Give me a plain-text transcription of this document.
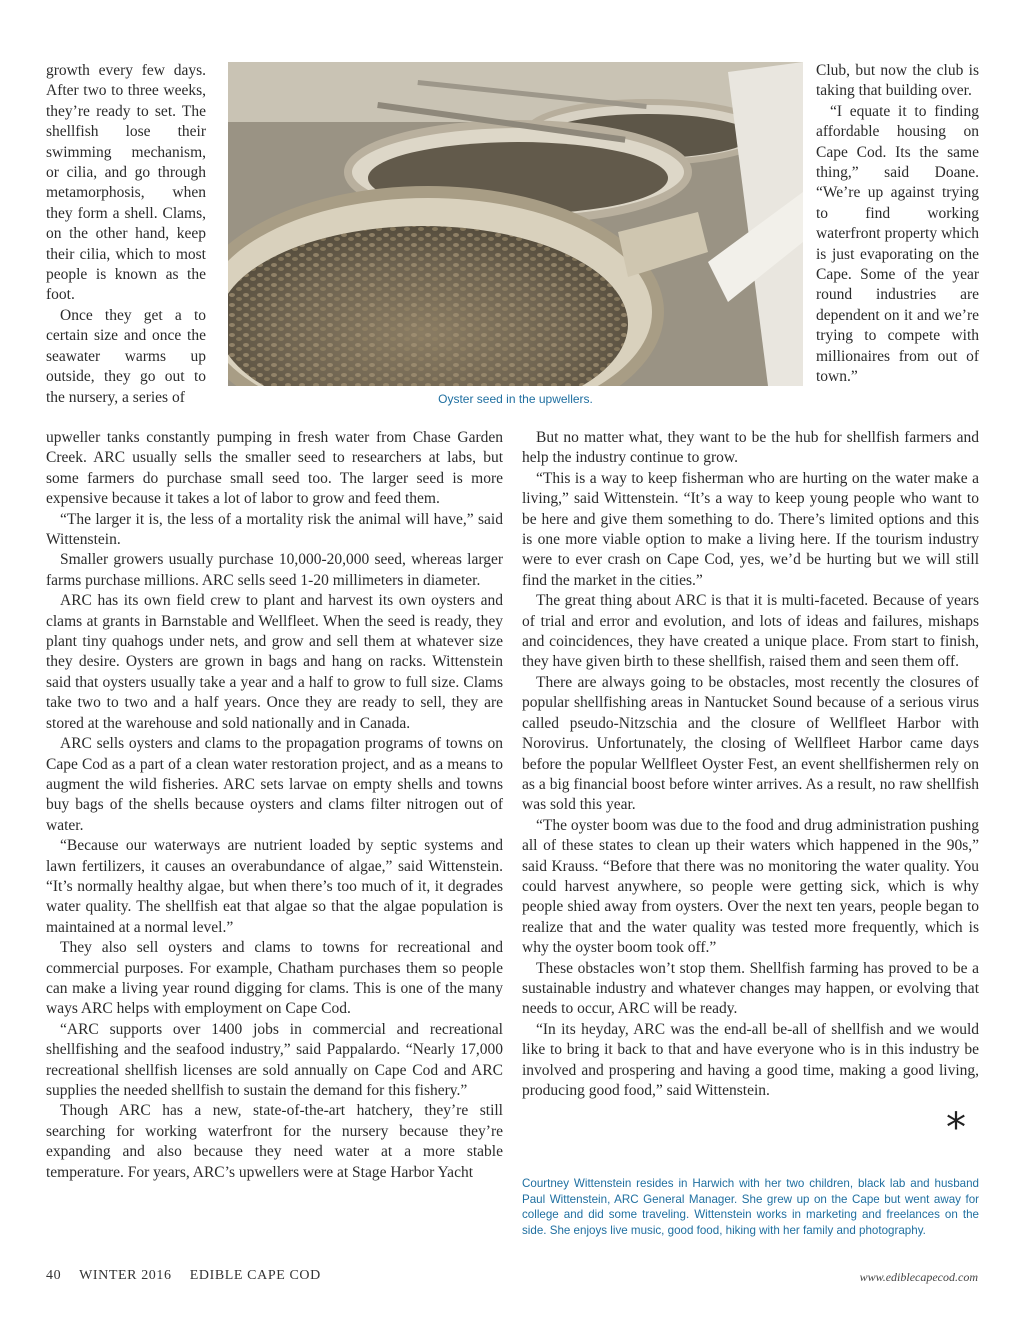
growth every few days. After two to three weeks, they’re ready to set. The shellfish lose their swimming mechanism, or cilia, and go through metamorphosis, when they form a shell. Clams, on the other hand, keep their cilia, which to most people is known as the foot.

Once they get a to certain size and once the seawater warms up outside, they go out to the nursery, a series of	Oyster seed in the upwellers.

Club, but now the club is taking that building over.

“I equate it to finding affordable housing on Cape Cod. Its the same thing,” said Doane. “We’re up against trying to find working waterfront property which is just evaporating on the Cape. Some of the year round industries are dependent on it and we’re trying to compete with millionaires from out of town.”

upweller tanks constantly pumping in fresh water from Chase Garden Creek. ARC usually sells the smaller seed to researchers at labs, but some farmers do purchase small seed too. The larger seed is more expensive because it takes a lot of labor to grow and feed them.

“The larger it is, the less of a mortality risk the animal will have,” said Wittenstein.

Smaller growers usually purchase 10,000-20,000 seed, whereas larger farms purchase millions. ARC sells seed 1-20 millimeters in diameter.

ARC has its own field crew to plant and harvest its own oysters and clams at grants in Barnstable and Wellfleet. When the seed is ready, they plant tiny quahogs under nets, and grow and sell them at whatever size they desire. Oysters are grown in bags and hang on racks. Wittenstein said that oysters usually take a year and a half to grow to full size. Clams take two to two and a half years. Once they are ready to sell, they are stored at the warehouse and sold nationally and in Canada.

ARC sells oysters and clams to the propagation programs of towns on Cape Cod as a part of a clean water restoration project, and as a means to augment the wild fisheries. ARC sets larvae on empty shells and towns buy bags of the shells because oysters and clams filter nitrogen out of water.

“Because our waterways are nutrient loaded by septic systems and lawn fertilizers, it causes an overabundance of algae,” said Wittenstein. “It’s normally healthy algae, but when there’s too much of it, it degrades water quality. The shellfish eat that algae so that the algae population is maintained at a normal level.”

They also sell oysters and clams to towns for recreational and commercial purposes. For example, Chatham purchases them so people can make a living year round digging for clams. This is one of the many ways ARC helps with employment on Cape Cod.

“ARC supports over 1400 jobs in commercial and recreational shellfishing and the seafood industry,” said Pappalardo. “Nearly 17,000 recreational shellfish licenses are sold annually on Cape Cod and ARC supplies the needed shellfish to sustain the demand for this fishery.”

Though ARC has a new, state-of-the-art hatchery, they’re still searching for working waterfront for the nursery because they’re expanding and also because they need water at a more stable temperature. For years, ARC’s upwellers were at Stage Harbor Yacht

But no matter what, they want to be the hub for shellfish farmers and help the industry continue to grow.

“This is a way to keep fisherman who are hurting on the water make a living,” said Wittenstein. “It’s a way to keep young people who want to be here and give them something to do. There’s limited options and this is one more viable option to make a living here. If the tourism industry were to ever crash on Cape Cod, yes, we’d be hurting but we will still find the market in the cities.”

The great thing about ARC is that it is multi-faceted. Because of years of trial and error and evolution, and lots of ideas and failures, mishaps and coincidences, they have created a unique place. From start to finish, they have given birth to these shellfish, raised them and seen them off.

There are always going to be obstacles, most recently the closures of popular shellfishing areas in Nantucket Sound because of a serious virus called pseudo-Nitzschia and the closure of Wellfleet Harbor with Norovirus. Unfortunately, the closing of Wellfleet Harbor came days before the popular Wellfleet Oyster Fest, an event shellfishermen rely on as a big financial boost before winter arrives. As a result, no raw shellfish was sold this year.

“The oyster boom was due to the food and drug administration pushing all of these states to clean up their waters which happened in the 90s,” said Krauss. “Before that there was no monitoring the water quality. You could harvest anywhere, so people were getting sick, which is why people shied away from oysters. Over the next ten years, people began to realize that and the water quality was tested more frequently, which is why the oyster boom took off.”

These obstacles won’t stop them. Shellfish farming has proved to be a sustainable industry and whatever changes may happen, or evolving that needs to occur, ARC will be ready.

“In its heyday, ARC was the end-all be-all of shellfish and we would like to bring it back to that and have everyone who is in this industry be involved and prospering and having a good time, making a good living, producing good food,” said Wittenstein.

*
Courtney Wittenstein resides in Harwich with her two children, black lab and husband Paul Wittenstein, ARC General Manager. She grew up on the Cape but went away for college and did some traveling. Wittenstein works in marketing and freelances on the side. She enjoys live music, good food, hiking with her family and photography.
40 WINTER 2016 EDIBLE CAPE COD	www.ediblecapecod.com
